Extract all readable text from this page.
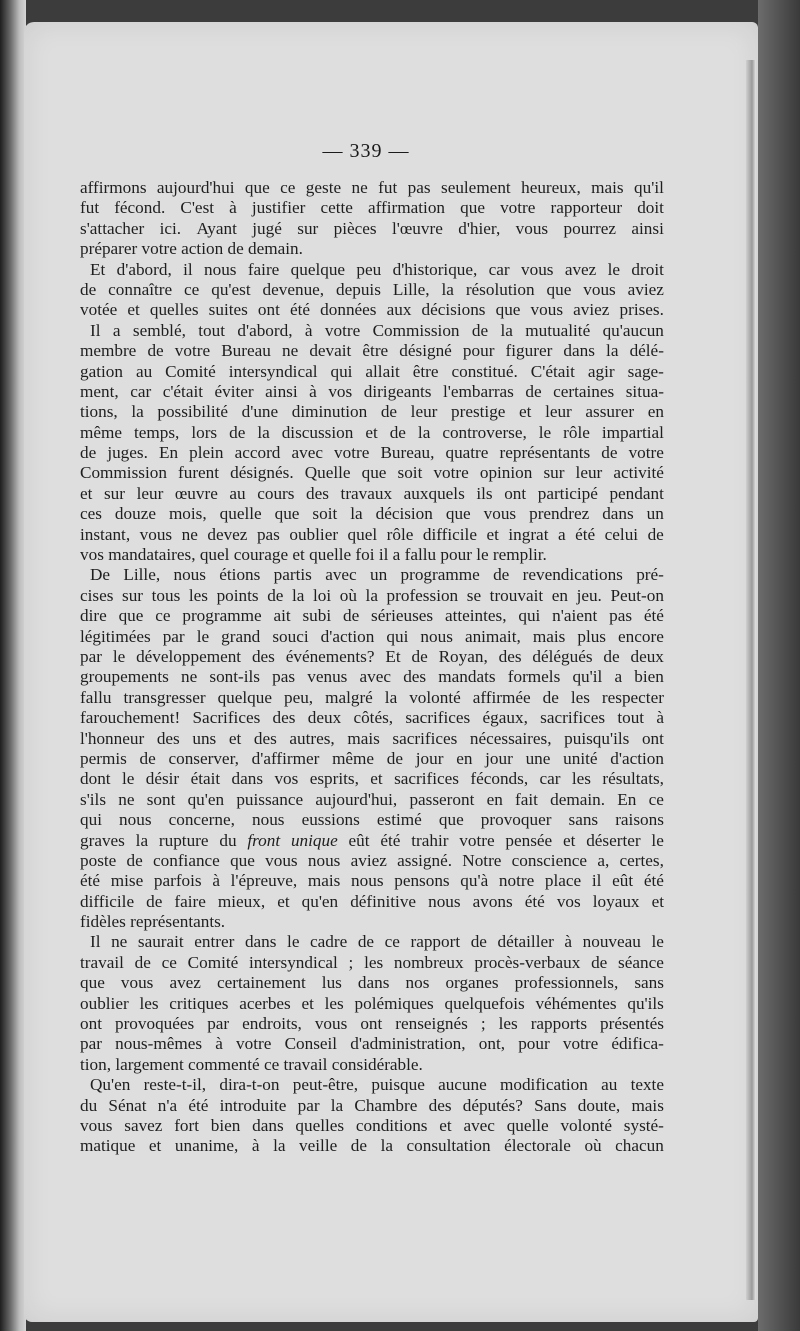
— 339 —
affirmons aujourd'hui que ce geste ne fut pas seulement heureux, mais qu'il
fut fécond. C'est à justifier cette affirmation que votre rapporteur doit
s'attacher ici. Ayant jugé sur pièces l'œuvre d'hier, vous pourrez ainsi
préparer votre action de demain.
Et d'abord, il nous faire quelque peu d'historique, car vous avez le droit
de connaître ce qu'est devenue, depuis Lille, la résolution que vous aviez
votée et quelles suites ont été données aux décisions que vous aviez prises.
Il a semblé, tout d'abord, à votre Commission de la mutualité qu'aucun
membre de votre Bureau ne devait être désigné pour figurer dans la délé-
gation au Comité intersyndical qui allait être constitué. C'était agir sage-
ment, car c'était éviter ainsi à vos dirigeants l'embarras de certaines situa-
tions, la possibilité d'une diminution de leur prestige et leur assurer en
même temps, lors de la discussion et de la controverse, le rôle impartial
de juges. En plein accord avec votre Bureau, quatre représentants de votre
Commission furent désignés. Quelle que soit votre opinion sur leur activité
et sur leur œuvre au cours des travaux auxquels ils ont participé pendant
ces douze mois, quelle que soit la décision que vous prendrez dans un
instant, vous ne devez pas oublier quel rôle difficile et ingrat a été celui de
vos mandataires, quel courage et quelle foi il a fallu pour le remplir.
De Lille, nous étions partis avec un programme de revendications pré-
cises sur tous les points de la loi où la profession se trouvait en jeu. Peut-on
dire que ce programme ait subi de sérieuses atteintes, qui n'aient pas été
légitimées par le grand souci d'action qui nous animait, mais plus encore
par le développement des événements? Et de Royan, des délégués de deux
groupements ne sont-ils pas venus avec des mandats formels qu'il a bien
fallu transgresser quelque peu, malgré la volonté affirmée de les respecter
farouchement! Sacrifices des deux côtés, sacrifices égaux, sacrifices tout à
l'honneur des uns et des autres, mais sacrifices nécessaires, puisqu'ils ont
permis de conserver, d'affirmer même de jour en jour une unité d'action
dont le désir était dans vos esprits, et sacrifices féconds, car les résultats,
s'ils ne sont qu'en puissance aujourd'hui, passeront en fait demain. En ce
qui nous concerne, nous eussions estimé que provoquer sans raisons
graves la rupture du front unique eût été trahir votre pensée et déserter le
poste de confiance que vous nous aviez assigné. Notre conscience a, certes,
été mise parfois à l'épreuve, mais nous pensons qu'à notre place il eût été
difficile de faire mieux, et qu'en définitive nous avons été vos loyaux et
fidèles représentants.
Il ne saurait entrer dans le cadre de ce rapport de détailler à nouveau le
travail de ce Comité intersyndical ; les nombreux procès-verbaux de séance
que vous avez certainement lus dans nos organes professionnels, sans
oublier les critiques acerbes et les polémiques quelquefois véhémentes qu'ils
ont provoquées par endroits, vous ont renseignés ; les rapports présentés
par nous-mêmes à votre Conseil d'administration, ont, pour votre édifica-
tion, largement commenté ce travail considérable.
Qu'en reste-t-il, dira-t-on peut-être, puisque aucune modification au texte
du Sénat n'a été introduite par la Chambre des députés? Sans doute, mais
vous savez fort bien dans quelles conditions et avec quelle volonté systé-
matique et unanime, à la veille de la consultation électorale où chacun
